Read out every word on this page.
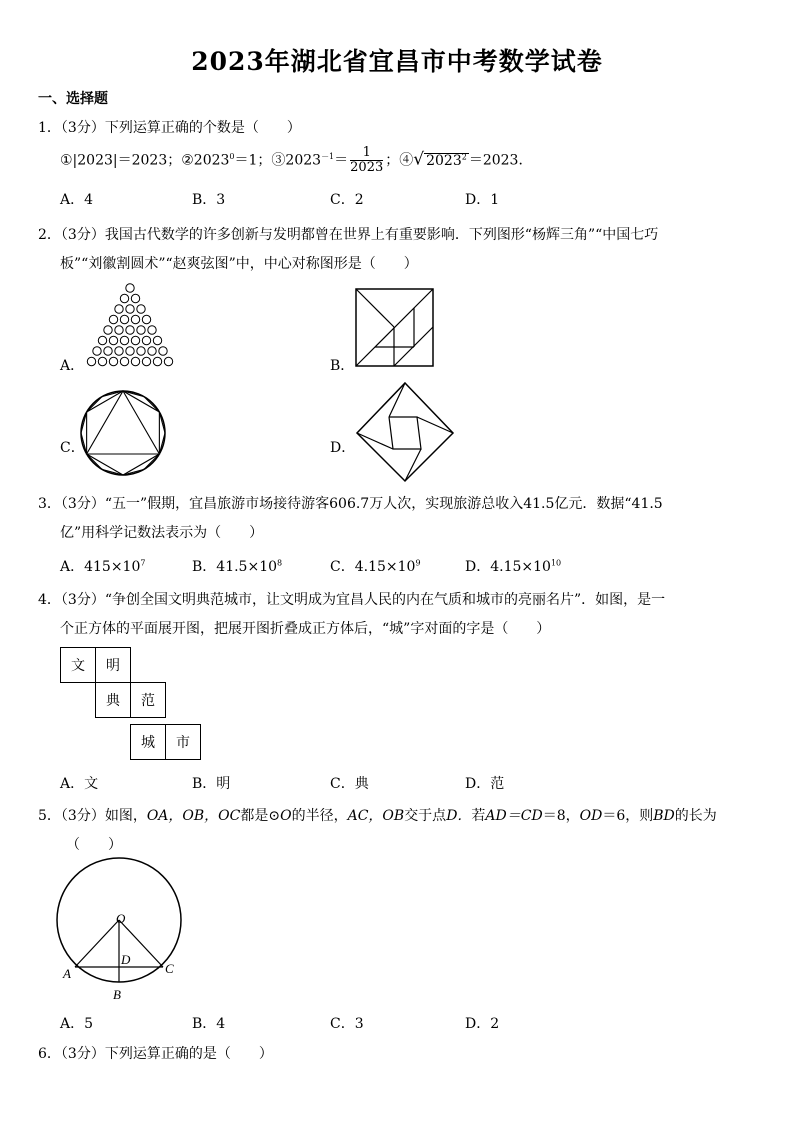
2023年湖北省宜昌市中考数学试卷
一、选择题
1．（3分）下列运算正确的个数是（　　）
①|2023|＝2023；$②2023^0=1$；$③2023^{-1}= \frac{1}{2023}$ ；④√ $2023^2 =2023$．
A．4	B．3	C．2	D．1
2．（3分）我国古代数学的许多创新与发明都曾在世界上有重要影响．下列图形“杨辉三角”“中国七巧
板”“刘徽割圆术”“赵爽弦图”中，中心对称图形是（　　）
A．	B．
C．	D．
3．（3分）“五一”假期，宜昌旅游市场接待游客606.7万人次，实现旅游总收入41.5亿元．数据“41.5
亿”用科学记数法表示为（　　）
A．$415\times 10^7$	B．$41.5\times 10^8$	C．$4.15\times 10^9$	D．$4.15\times 10^{10}$
4．（3分）“争创全国文明典范城市，让文明成为宜昌人民的内在气质和城市的亮丽名片”．如图，是一
个正方体的平面展开图，把展开图折叠成正方体后，“城”字对面的字是（　　）
文	明
典	范
城	市
A．文	B．明	C．典	D．范
5．（3分）如图，OA，OB，OC都是⊙O的半径，AC，OB交于点D．若AD＝CD＝8，OD＝6，则BD的长为
（　　）
O
A
B
C
D
A．5	B．4	C．3	D．2
6．（3分）下列运算正确的是（　　）
